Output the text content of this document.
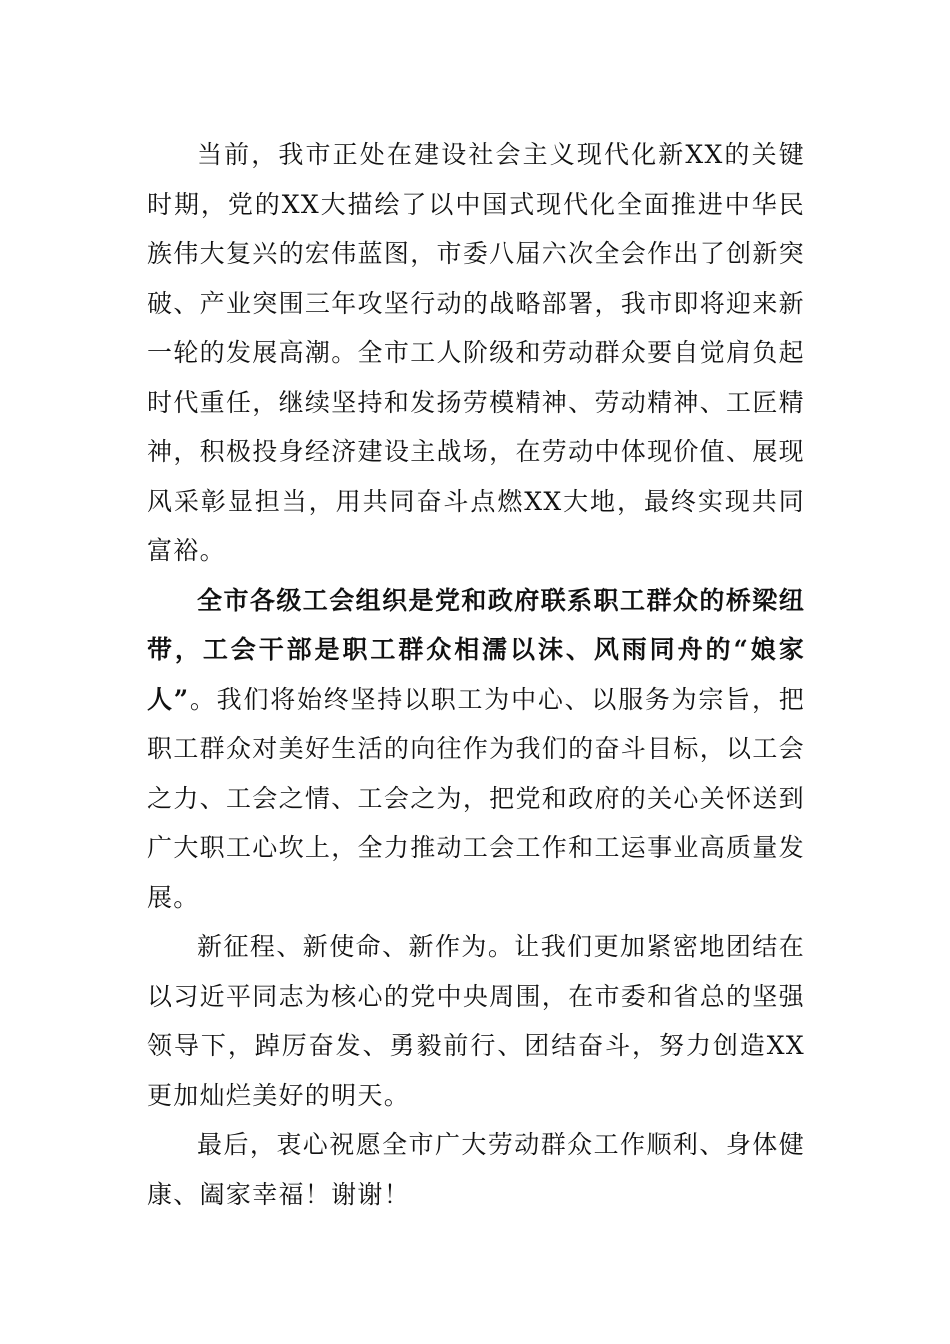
当前，我市正处在建设社会主义现代化新XX的关键时期，党的XX大描绘了以中国式现代化全面推进中华民族伟大复兴的宏伟蓝图，市委八届六次全会作出了创新突破、产业突围三年攻坚行动的战略部署，我市即将迎来新一轮的发展高潮。全市工人阶级和劳动群众要自觉肩负起时代重任，继续坚持和发扬劳模精神、劳动精神、工匠精神，积极投身经济建设主战场，在劳动中体现价值、展现风采彰显担当，用共同奋斗点燃XX大地，最终实现共同富裕。

全市各级工会组织是党和政府联系职工群众的桥梁纽带，工会干部是职工群众相濡以沫、风雨同舟的“娘家人”。我们将始终坚持以职工为中心、以服务为宗旨，把职工群众对美好生活的向往作为我们的奋斗目标，以工会之力、工会之情、工会之为，把党和政府的关心关怀送到广大职工心坎上，全力推动工会工作和工运事业高质量发展。

新征程、新使命、新作为。让我们更加紧密地团结在以习近平同志为核心的党中央周围，在市委和省总的坚强领导下，踔厉奋发、勇毅前行、团结奋斗，努力创造XX更加灿烂美好的明天。

最后，衷心祝愿全市广大劳动群众工作顺利、身体健康、阖家幸福！谢谢！
